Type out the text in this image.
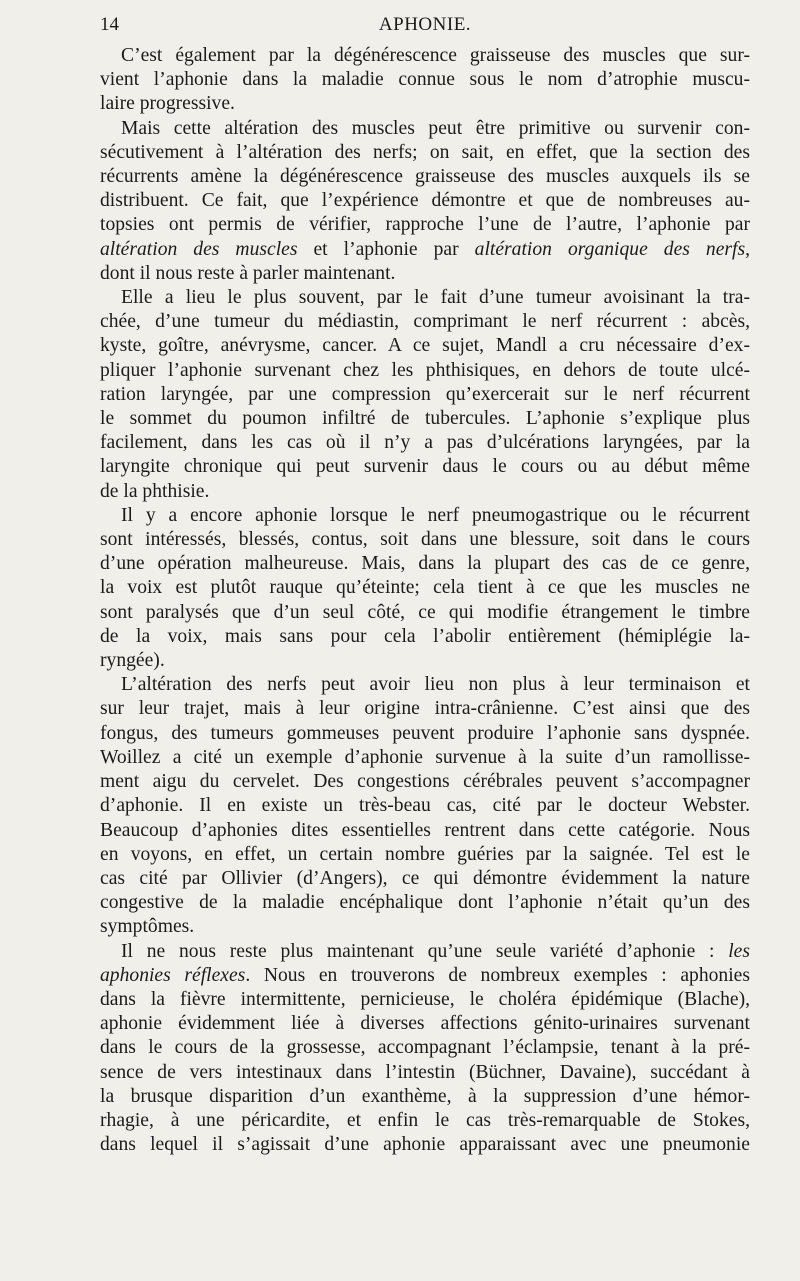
14	APHONIE.

C’est également par la dégénérescence graisseuse des muscles que sur-
vient l’aphonie dans la maladie connue sous le nom d’atrophie muscu-
laire progressive.

Mais cette altération des muscles peut être primitive ou survenir con-
sécutivement à l’altération des nerfs; on sait, en effet, que la section des
récurrents amène la dégénérescence graisseuse des muscles auxquels ils se
distribuent. Ce fait, que l’expérience démontre et que de nombreuses au-
topsies ont permis de vérifier, rapproche l’une de l’autre, l’aphonie par
altération des muscles et l’aphonie par altération organique des nerfs,
dont il nous reste à parler maintenant.

Elle a lieu le plus souvent, par le fait d’une tumeur avoisinant la tra-
chée, d’une tumeur du médiastin, comprimant le nerf récurrent : abcès,
kyste, goître, anévrysme, cancer. A ce sujet, Mandl a cru nécessaire d’ex-
pliquer l’aphonie survenant chez les phthisiques, en dehors de toute ulcé-
ration laryngée, par une compression qu’exercerait sur le nerf récurrent
le sommet du poumon infiltré de tubercules. L’aphonie s’explique plus
facilement, dans les cas où il n’y a pas d’ulcérations laryngées, par la
laryngite chronique qui peut survenir daus le cours ou au début même
de la phthisie.

Il y a encore aphonie lorsque le nerf pneumogastrique ou le récurrent
sont intéressés, blessés, contus, soit dans une blessure, soit dans le cours
d’une opération malheureuse. Mais, dans la plupart des cas de ce genre,
la voix est plutôt rauque qu’éteinte; cela tient à ce que les muscles ne
sont paralysés que d’un seul côté, ce qui modifie étrangement le timbre
de la voix, mais sans pour cela l’abolir entièrement (hémiplégie la-
ryngée).

L’altération des nerfs peut avoir lieu non plus à leur terminaison et
sur leur trajet, mais à leur origine intra-crânienne. C’est ainsi que des
fongus, des tumeurs gommeuses peuvent produire l’aphonie sans dyspnée.
Woillez a cité un exemple d’aphonie survenue à la suite d’un ramollisse-
ment aigu du cervelet. Des congestions cérébrales peuvent s’accompagner
d’aphonie. Il en existe un très-beau cas, cité par le docteur Webster.
Beaucoup d’aphonies dites essentielles rentrent dans cette catégorie. Nous
en voyons, en effet, un certain nombre guéries par la saignée. Tel est le
cas cité par Ollivier (d’Angers), ce qui démontre évidemment la nature
congestive de la maladie encéphalique dont l’aphonie n’était qu’un des
symptômes.

Il ne nous reste plus maintenant qu’une seule variété d’aphonie : les
aphonies réflexes. Nous en trouverons de nombreux exemples : aphonies
dans la fièvre intermittente, pernicieuse, le choléra épidémique (Blache),
aphonie évidemment liée à diverses affections génito-urinaires survenant
dans le cours de la grossesse, accompagnant l’éclampsie, tenant à la pré-
sence de vers intestinaux dans l’intestin (Büchner, Davaine), succédant à
la brusque disparition d’un exanthème, à la suppression d’une hémor-
rhagie, à une péricardite, et enfin le cas très-remarquable de Stokes,
dans lequel il s’agissait d’une aphonie apparaissant avec une pneumonie
